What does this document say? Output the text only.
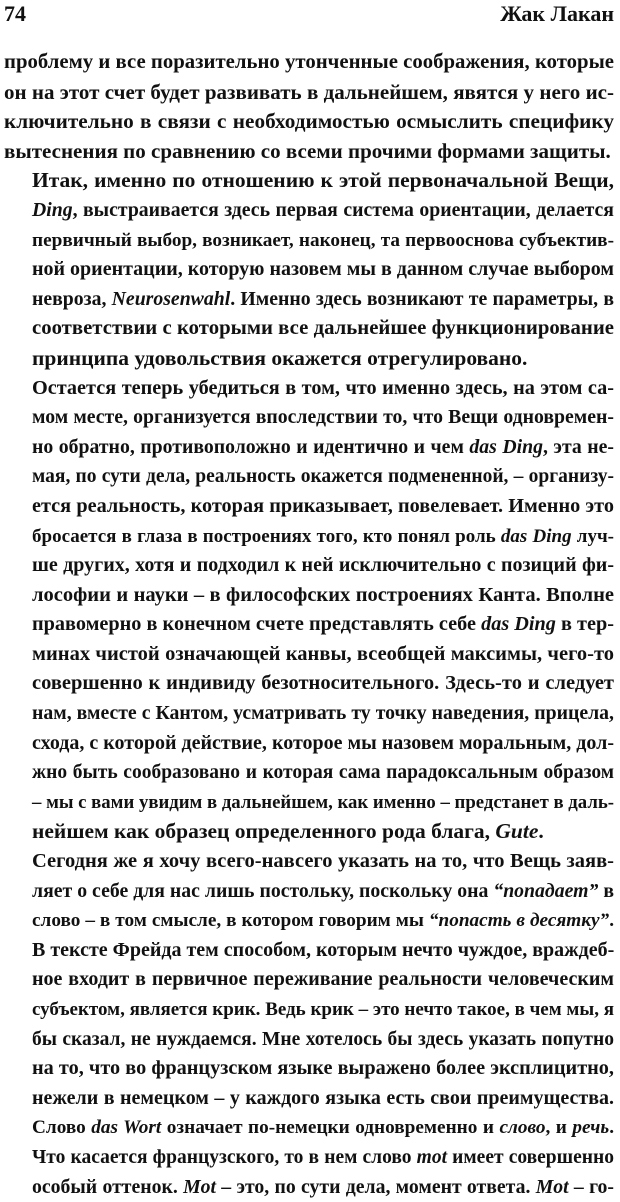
74	Жак Лакан
проблему и все поразительно утонченные соображения, которые
он на этот счет будет развивать в дальнейшем, явятся у него ис-
ключительно в связи с необходимостью осмыслить специфику
вытеснения по сравнению со всеми прочими формами защиты.
Итак, именно по отношению к этой первоначальной Вещи,
Ding, выстраивается здесь первая система ориентации, делается
первичный выбор, возникает, наконец, та первооснова субъектив-
ной ориентации, которую назовем мы в данном случае выбором
невроза, Neurosenwahl. Именно здесь возникают те параметры, в
соответствии с которыми все дальнейшее функционирование
принципа удовольствия окажется отрегулировано.
Остается теперь убедиться в том, что именно здесь, на этом са-
мом месте, организуется впоследствии то, что Вещи одновремен-
но обратно, противоположно и идентично и чем das Ding, эта не-
мая, по сути дела, реальность окажется подмененной, – организу-
ется реальность, которая приказывает, повелевает. Именно это
бросается в глаза в построениях того, кто понял роль das Ding луч-
ше других, хотя и подходил к ней исключительно с позиций фи-
лософии и науки – в философских построениях Канта. Вполне
правомерно в конечном счете представлять себе das Ding в тер-
минах чистой означающей канвы, всеобщей максимы, чего-то
совершенно к индивиду безотносительного. Здесь-то и следует
нам, вместе с Кантом, усматривать ту точку наведения, прицела,
схода, с которой действие, которое мы назовем моральным, дол-
жно быть сообразовано и которая сама парадоксальным образом
– мы с вами увидим в дальнейшем, как именно – предстанет в даль-
нейшем как образец определенного рода блага, Gute.
Сегодня же я хочу всего-навсего указать на то, что Вещь заяв-
ляет о себе для нас лишь постольку, поскольку она “попадает” в
слово – в том смысле, в котором говорим мы “попасть в десятку”.
В тексте Фрейда тем способом, которым нечто чуждое, враждеб-
ное входит в первичное переживание реальности человеческим
субъектом, является крик. Ведь крик – это нечто такое, в чем мы, я
бы сказал, не нуждаемся. Мне хотелось бы здесь указать попутно
на то, что во французском языке выражено более эксплицитно,
нежели в немецком – у каждого языка есть свои преимущества.
Слово das Wort означает по-немецки одновременно и слово, и речь.
Что касается французского, то в нем слово mot имеет совершенно
особый оттенок. Mot – это, по сути дела, момент ответа. Mot – го-
